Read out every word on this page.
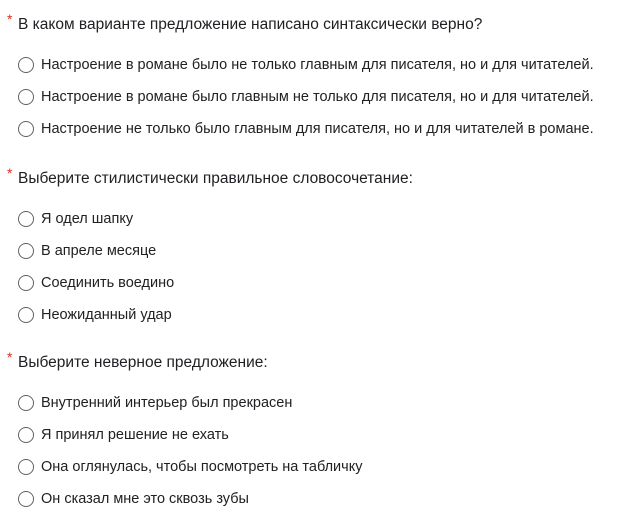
* В каком варианте предложение написано синтаксически верно?
Настроение в романе было не только главным для писателя, но и для читателей.
Настроение в романе было главным не только для писателя, но и для читателей.
Настроение не только было главным для писателя, но и для читателей в романе.
* Выберите стилистически правильное словосочетание:
Я одел шапку
В апреле месяце
Соединить воедино
Неожиданный удар
* Выберите неверное предложение:
Внутренний интерьер был прекрасен
Я принял решение не ехать
Она оглянулась, чтобы посмотреть на табличку
Он сказал мне это сквозь зубы
